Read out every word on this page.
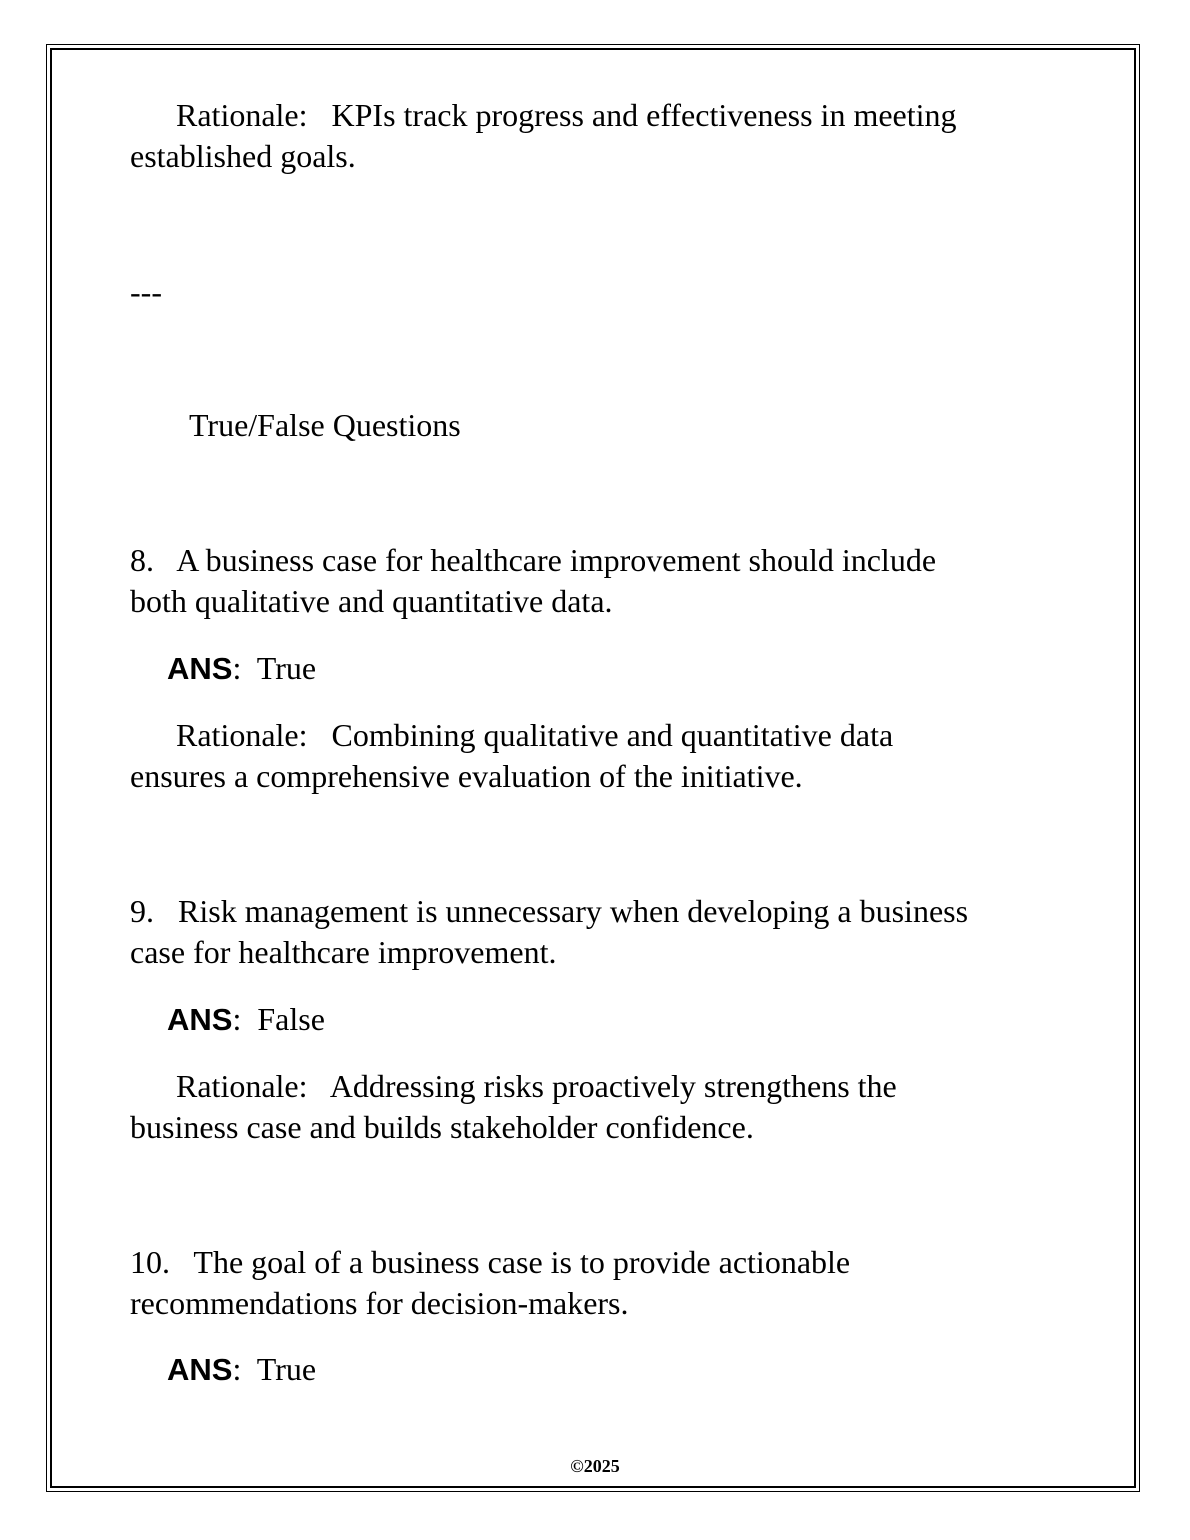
Rationale: KPIs track progress and effectiveness in meeting

established goals.

---

True/False Questions

8. A business case for healthcare improvement should include

both qualitative and quantitative data.

ANS:  True

Rationale: Combining qualitative and quantitative data

ensures a comprehensive evaluation of the initiative.

9. Risk management is unnecessary when developing a business

case for healthcare improvement.

ANS:  False

Rationale: Addressing risks proactively strengthens the

business case and builds stakeholder confidence.

10. The goal of a business case is to provide actionable

recommendations for decision-makers.

ANS:  True

©2025
